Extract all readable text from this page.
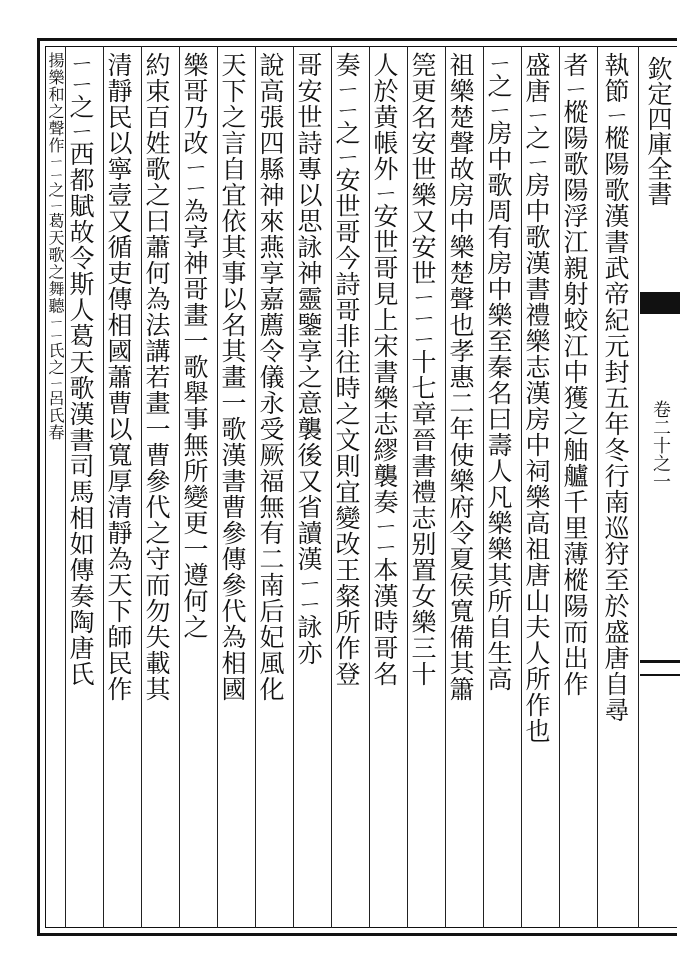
欽定四庫全書
卷二十之一
執節ㄧ樅陽歌漢書武帝紀元封五年冬行南巡狩至於盛唐自尋
者ㄧ樅陽歌陽浮江親射蛟江中獲之舳艫千里薄樅陽而出作
盛唐ㄧ之ㄧ房中歌漢書禮樂志漢房中祠樂高祖唐山夫人所作也
ㄧ之ㄧ房中歌周有房中樂至秦名曰壽人凡樂樂其所自生高
祖樂楚聲故房中樂楚聲也孝惠二年使樂府令夏侯寬備其簫
筦更名安世樂又安世ㄧㄧㄧ十七章晉書禮志别置女樂三十
人於黄帳外ㄧ安世哥見上宋書樂志繆襲奏ㄧㄧ本漢時哥名
奏ㄧㄧ之ㄧ安世哥今詩哥非往時之文則宜變改王粲所作登
哥安世詩專以思詠神靈鑒享之意襲後又省讀漢ㄧㄧ詠亦
說高張四縣神來燕享嘉薦令儀永受厥福無有二南后妃風化
天下之言自宜依其事以名其畫一歌漢書曹參傳參代為相國
樂哥乃改ㄧㄧ為享神哥畫一歌舉事無所變更一遵何之
約束百姓歌之曰蕭何為法講若畫一曹參代之守而勿失載其
清靜民以寧壹又循吏傳相國蕭曹以寬厚清靜為天下師民作
ㄧㄧ之ㄧ西都賦故令斯人葛天歌漢書司馬相如傳奏陶唐氏
揚樂和之聲作ㄧㄧ之ㄧ葛天歌之舞聽ㄧㄧ氏之ㄧ呂氏春
